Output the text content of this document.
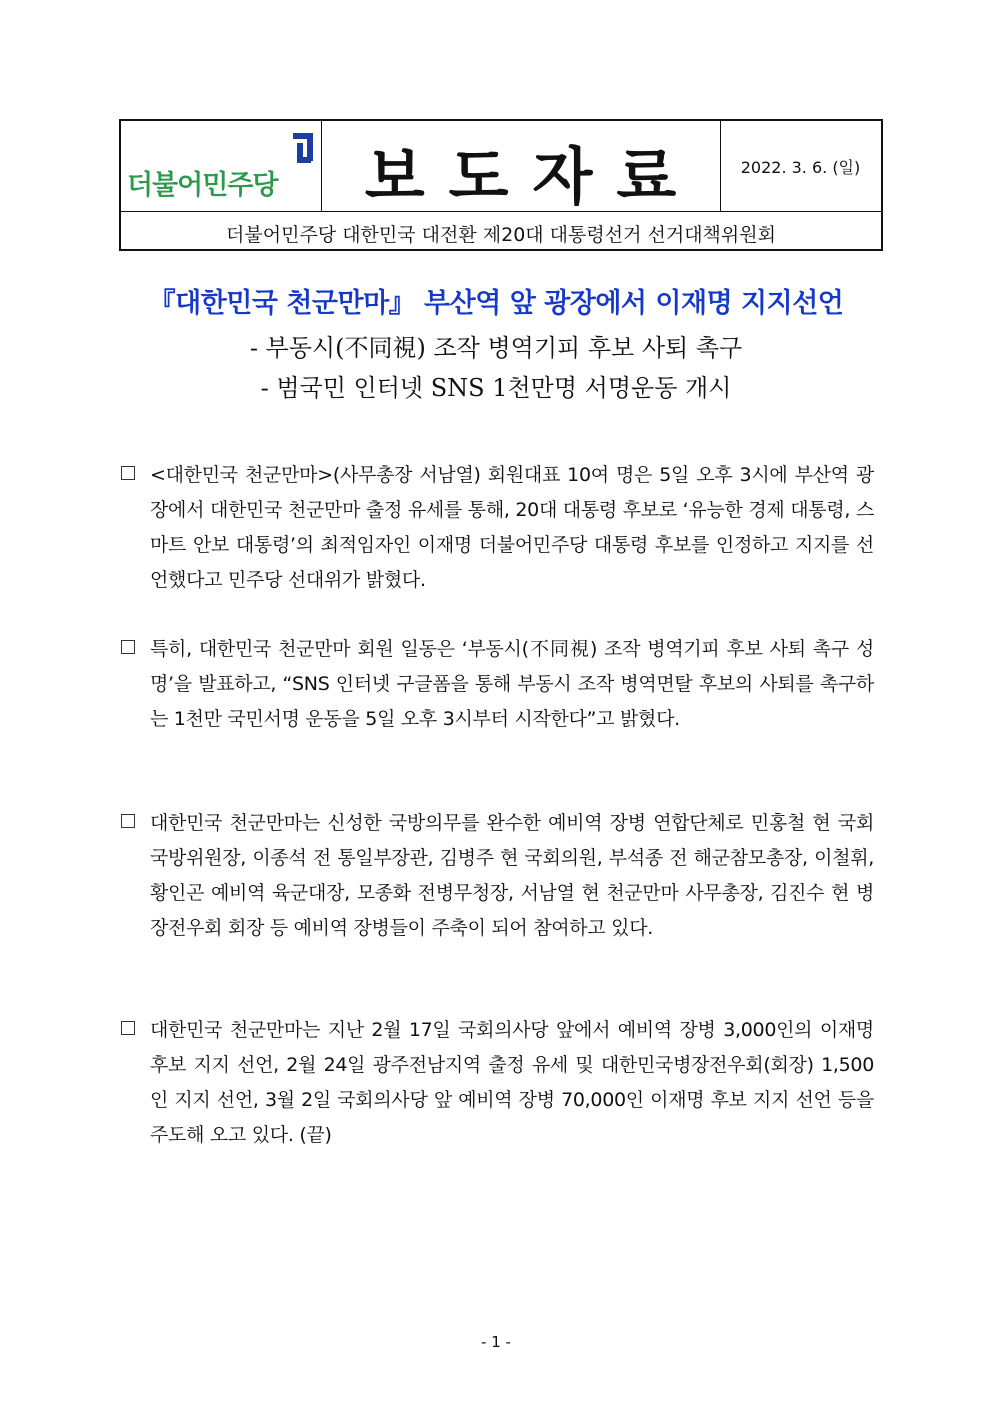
더불어민주당	보도자료	2022. 3. 6. (일)
더불어민주당 대한민국 대전환 제20대 대통령선거 선거대책위원회
『대한민국 천군만마』 부산역 앞 광장에서 이재명 지지선언
- 부동시(不同視) 조작 병역기피 후보 사퇴 촉구
- 범국민 인터넷 SNS 1천만명 서명운동 개시
<대한민국 천군만마>(사무총장 서남열) 회원대표 10여 명은 5일 오후 3시에 부산역 광장에서 대한민국 천군만마 출정 유세를 통해, 20대 대통령 후보로 ‘유능한 경제 대통령, 스마트 안보 대통령’의 최적임자인 이재명 더불어민주당 대통령 후보를 인정하고 지지를 선언했다고 민주당 선대위가 밝혔다.
특히, 대한민국 천군만마 회원 일동은 ‘부동시(不同視) 조작 병역기피 후보 사퇴 촉구 성명’을 발표하고, “SNS 인터넷 구글폼을 통해 부동시 조작 병역면탈 후보의 사퇴를 촉구하는 1천만 국민서명 운동을 5일 오후 3시부터 시작한다”고 밝혔다.
대한민국 천군만마는 신성한 국방의무를 완수한 예비역 장병 연합단체로 민홍철 현 국회 국방위원장, 이종석 전 통일부장관, 김병주 현 국회의원, 부석종 전 해군참모총장, 이철휘, 황인곤 예비역 육군대장, 모종화 전병무청장, 서남열 현 천군만마 사무총장, 김진수 현 병장전우회 회장 등 예비역 장병들이 주축이 되어 참여하고 있다.
대한민국 천군만마는 지난 2월 17일 국회의사당 앞에서 예비역 장병 3,000인의 이재명 후보 지지 선언, 2월 24일 광주전남지역 출정 유세 및 대한민국병장전우회(회장) 1,500인 지지 선언, 3월 2일 국회의사당 앞 예비역 장병 70,000인 이재명 후보 지지 선언 등을 주도해 오고 있다. (끝)
- 1 -
